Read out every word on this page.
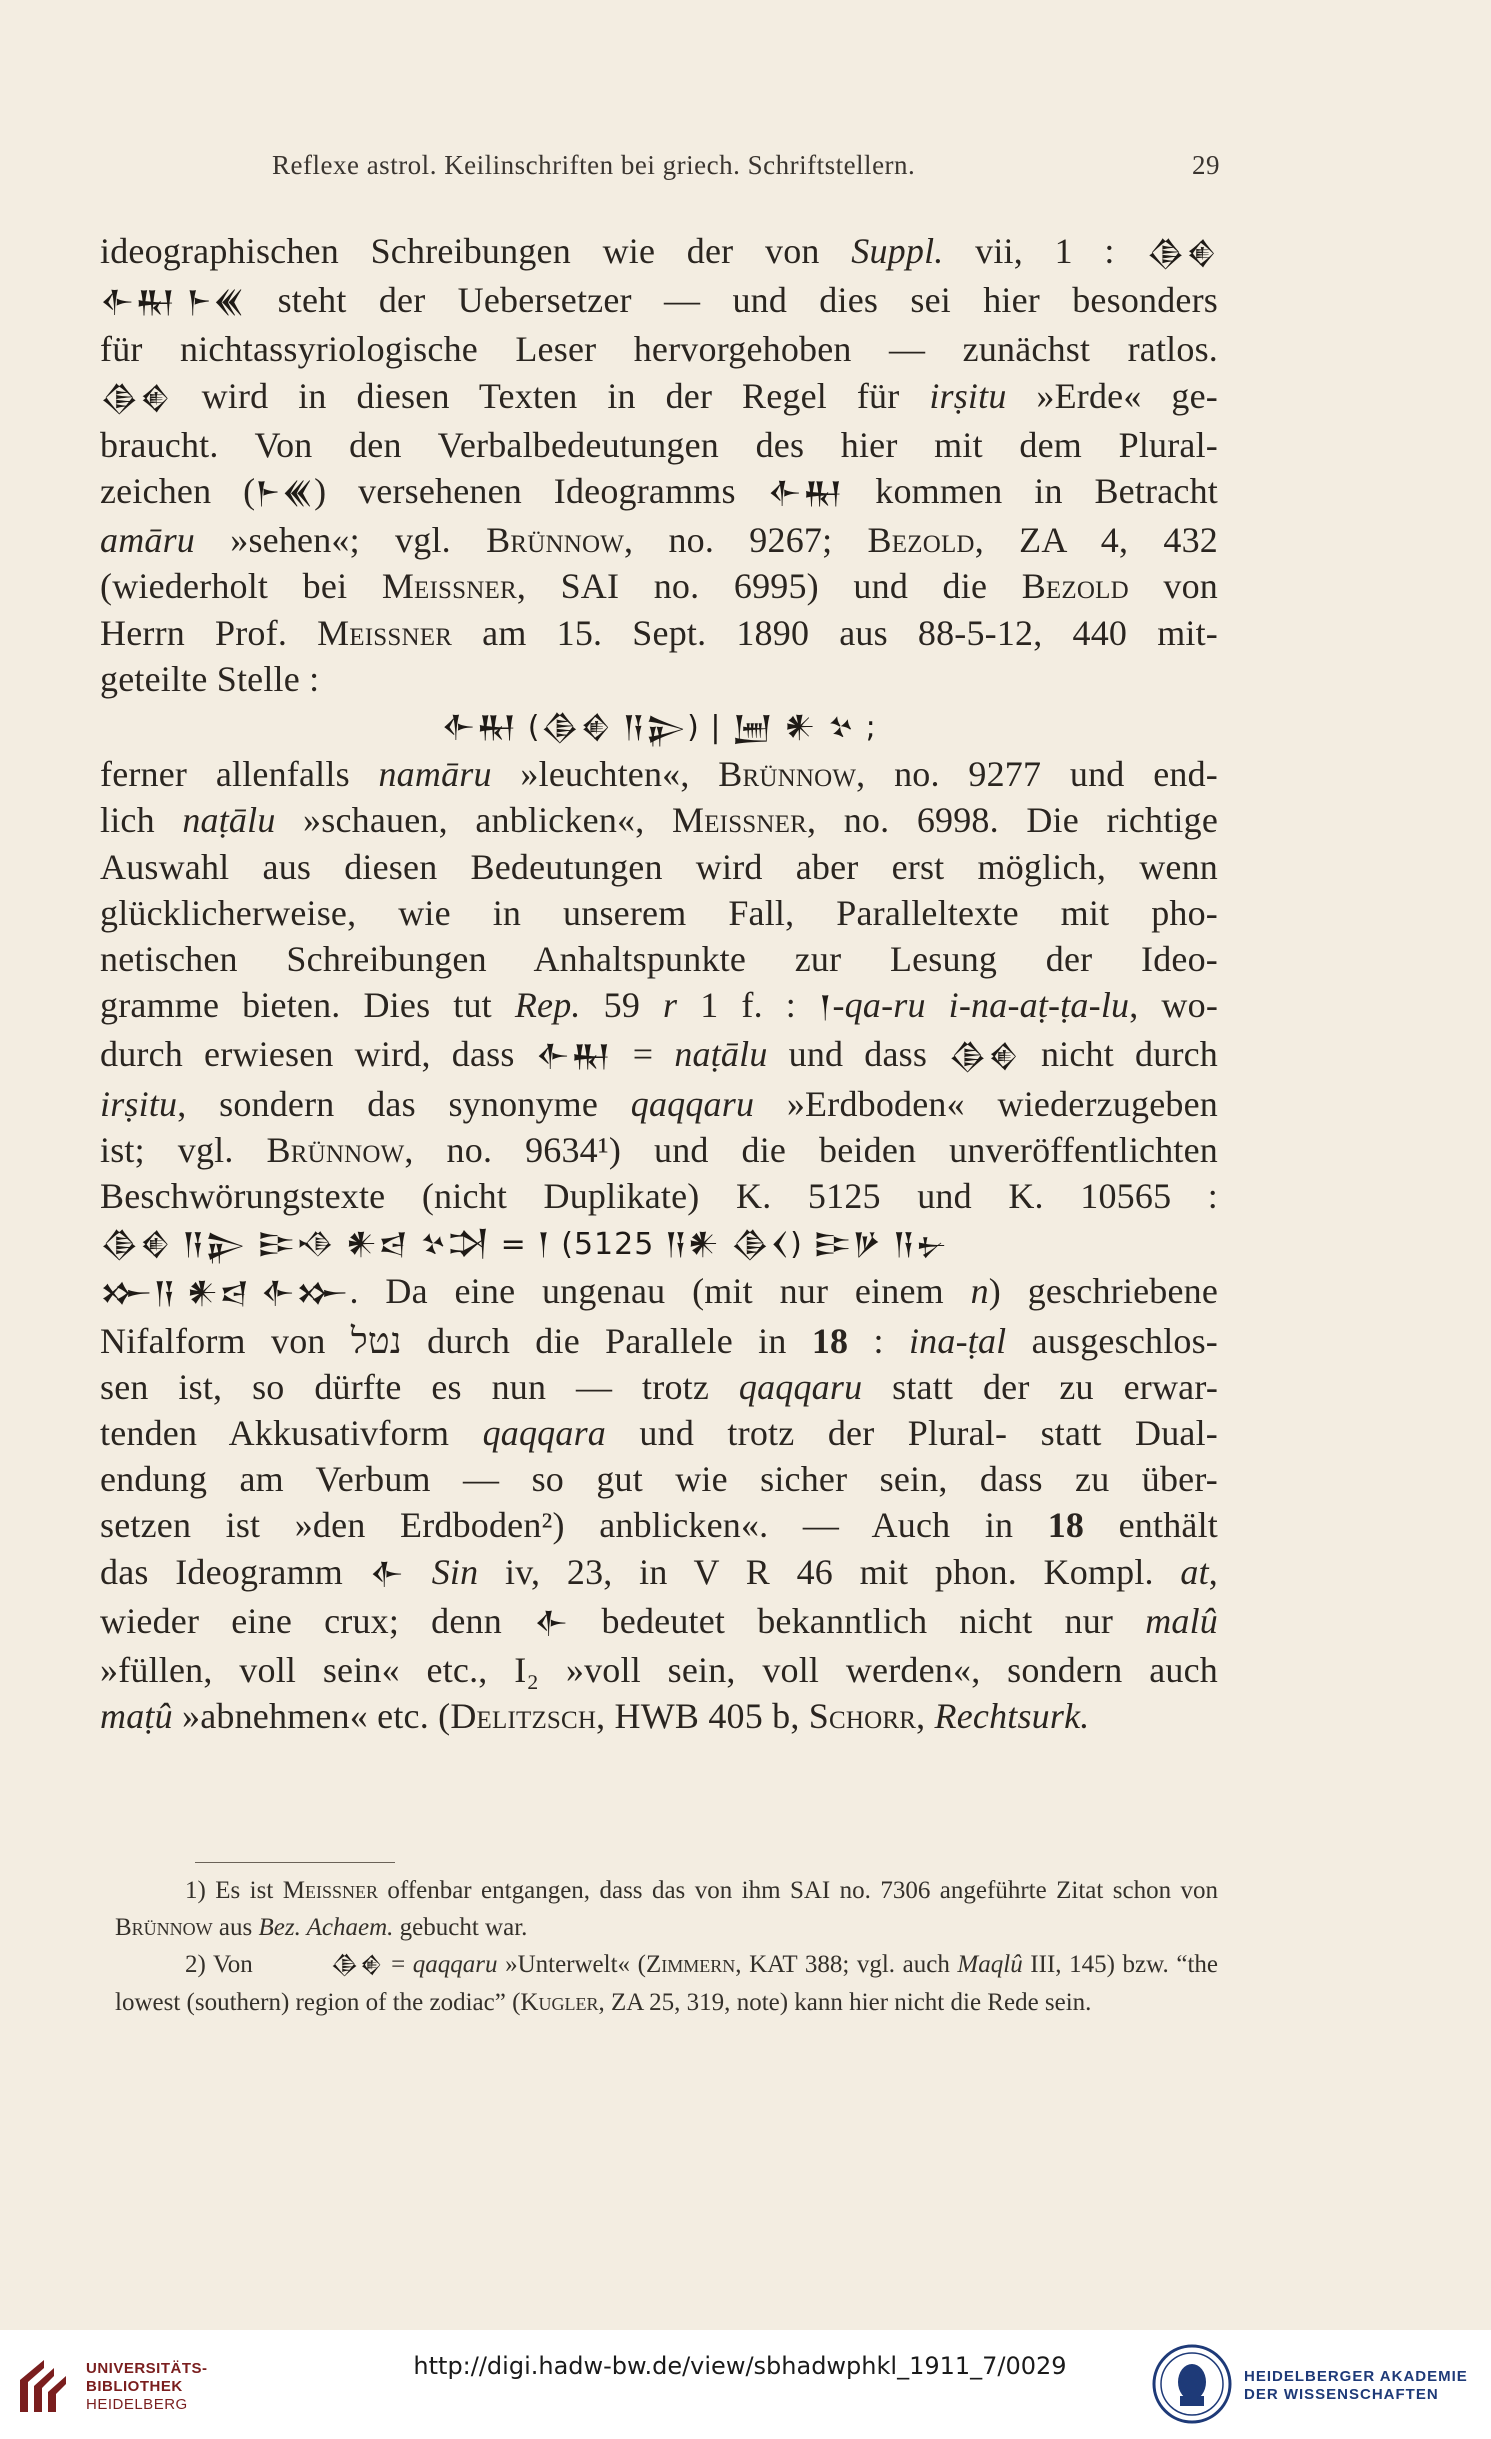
Reflexe astrol. Keilinschriften bei griech. Schriftstellern.	29
ideographischen Schreibungen wie der von Suppl. vii, 1 : 𒆠𒄯
𒅆𒊑 𒈨𒌍 steht der Uebersetzer — und dies sei hier besonders
für nichtassyriologische Leser hervorgehoben — zunächst ratlos.
𒆠𒄯 wird in diesen Texten in der Regel für irṣitu »Erde« ge-
braucht. Von den Verbalbedeutungen des hier mit dem Plural-
zeichen (𒈨𒌍) versehenen Ideogramms 𒅆𒊑 kommen in Betracht
amāru »sehen«; vgl. Brünnow, no. 9267; Bezold, ZA 4, 432
(wiederholt bei Meissner, SAI no. 6995) und die Bezold von
Herrn Prof. Meissner am 15. Sept. 1890 aus 88-5-12, 440 mit-
geteilte Stelle :
𒅆𒊑 (𒆠𒄯 𒀀𒉌) | 𒅁 𒀭 𒆳 ;
ferner allenfalls namāru »leuchten«, Brünnow, no. 9277 und end-
lich naṭālu »schauen, anblicken«, Meissner, no. 6998. Die richtige
Auswahl aus diesen Bedeutungen wird aber erst möglich, wenn
glücklicherweise, wie in unserem Fall, Paralleltexte mit pho-
netischen Schreibungen Anhaltspunkte zur Lesung der Ideo-
gramme bieten. Dies tut Rep. 59 r 1 f. : 𒁹-qa-ru i-na-aṭ-ṭa-lu, wo-
durch erwiesen wird, dass 𒅆𒊑 = naṭālu und dass 𒆠𒄯 nicht durch
irṣitu, sondern das synonyme qaqqaru »Erdboden« wiederzugeben
ist; vgl. Brünnow, no. 9634¹) und die beiden unveröffentlichten
Beschwörungstexte (nicht Duplikate) K. 5125 und K. 10565 :
𒆠𒄯 𒀀𒉌 𒄿𒈾 𒀭𒁀 𒆳𒋫 = 𒁹 (5125 𒀀𒀭 𒆠𒌋) 𒄿𒃻 𒀀𒉡
𒁍𒀀 𒀭𒁀 𒅆𒁍. Da eine ungenau (mit nur einem n) geschriebene
Nifalform von נטל durch die Parallele in 18 : ina-ṭal ausgeschlos-
sen ist, so dürfte es nun — trotz qaqqaru statt der zu erwar-
tenden Akkusativform qaqqara und trotz der Plural- statt Dual-
endung am Verbum — so gut wie sicher sein, dass zu über-
setzen ist »den Erdboden²) anblicken«. — Auch in 18 enthält
das Ideogramm 𒅆 Sin iv, 23, in V R 46 mit phon. Kompl. at,
wieder eine crux; denn 𒅆 bedeutet bekanntlich nicht nur malû
»füllen, voll sein« etc., I₂ »voll sein, voll werden«, sondern auch
maṭû »abnehmen« etc. (Delitzsch, HWB 405 b, Schorr, Rechtsurk.

1) Es ist Meissner offenbar entgangen, dass das von ihm SAI no. 7306 angeführte Zitat schon von Brünnow aus Bez. Achaem. gebucht war.

2) Von	𒆠𒄯 = qaqqaru »Unterwelt« (Zimmern, KAT 388; vgl. auch Maqlû III, 145) bzw. “the lowest (southern) region of the zodiac” (Kugler, ZA 25, 319, note) kann hier nicht die Rede sein.

UNIVERSITÄTS-
BIBLIOTHEK
HEIDELBERG
http://digi.hadw-bw.de/view/sbhadwphkl_1911_7/0029	HEIDELBERGER AKADEMIE
DER WISSENSCHAFTEN
